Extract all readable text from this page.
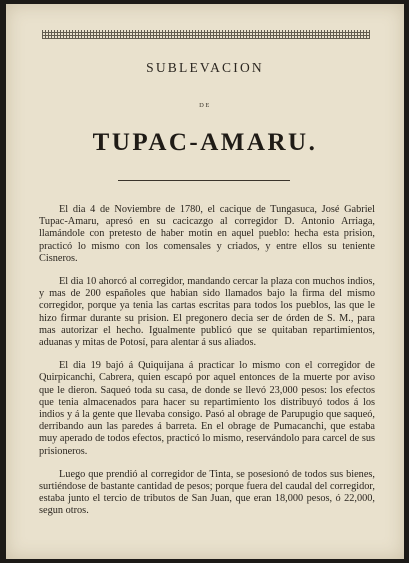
SUBLEVACION
DE
TUPAC-AMARU.

El dia 4 de Noviembre de 1780, el cacique de Tungasuca, José Gabriel Tupac-Amaru, apresó en su cacicazgo al corregidor D. Antonio Arriaga, llamándole con pretesto de haber motin en aquel pueblo: hecha esta prision, practicó lo mismo con los comensales y criados, y entre ellos su teniente Cisneros.

El dia 10 ahorcó al corregidor, mandando cercar la plaza con muchos indios, y mas de 200 españoles que habian sido llamados bajo la firma del mismo corregidor, porque ya tenia las cartas escritas para todos los pueblos, las que le hizo firmar durante su prision. El pregonero decia ser de órden de S. M., para mas autorizar el hecho. Igualmente publicó que se quitaban repartimientos, aduanas y mitas de Potosí, para alentar á sus aliados.

El dia 19 bajó á Quiquijana á practicar lo mismo con el corregidor de Quirpicanchi, Cabrera, quien escapó por aquel entonces de la muerte por aviso que le dieron. Saqueó toda su casa, de donde se llevó 23,000 pesos: los efectos que tenia almacenados para hacer su repartimiento los distribuyó todos á los indios y á la gente que llevaba consigo. Pasó al obrage de Parupugio que saqueó, derribando aun las paredes á barreta. En el obrage de Pumacanchi, que estaba muy aperado de todos efectos, practicó lo mismo, reservándolo para carcel de sus prisioneros.

Luego que prendió al corregidor de Tinta, se posesionó de todos sus bienes, surtiéndose de bastante cantidad de pesos; porque fuera del caudal del corregidor, estaba junto el tercio de tributos de San Juan, que eran 18,000 pesos, ó 22,000, segun otros.
